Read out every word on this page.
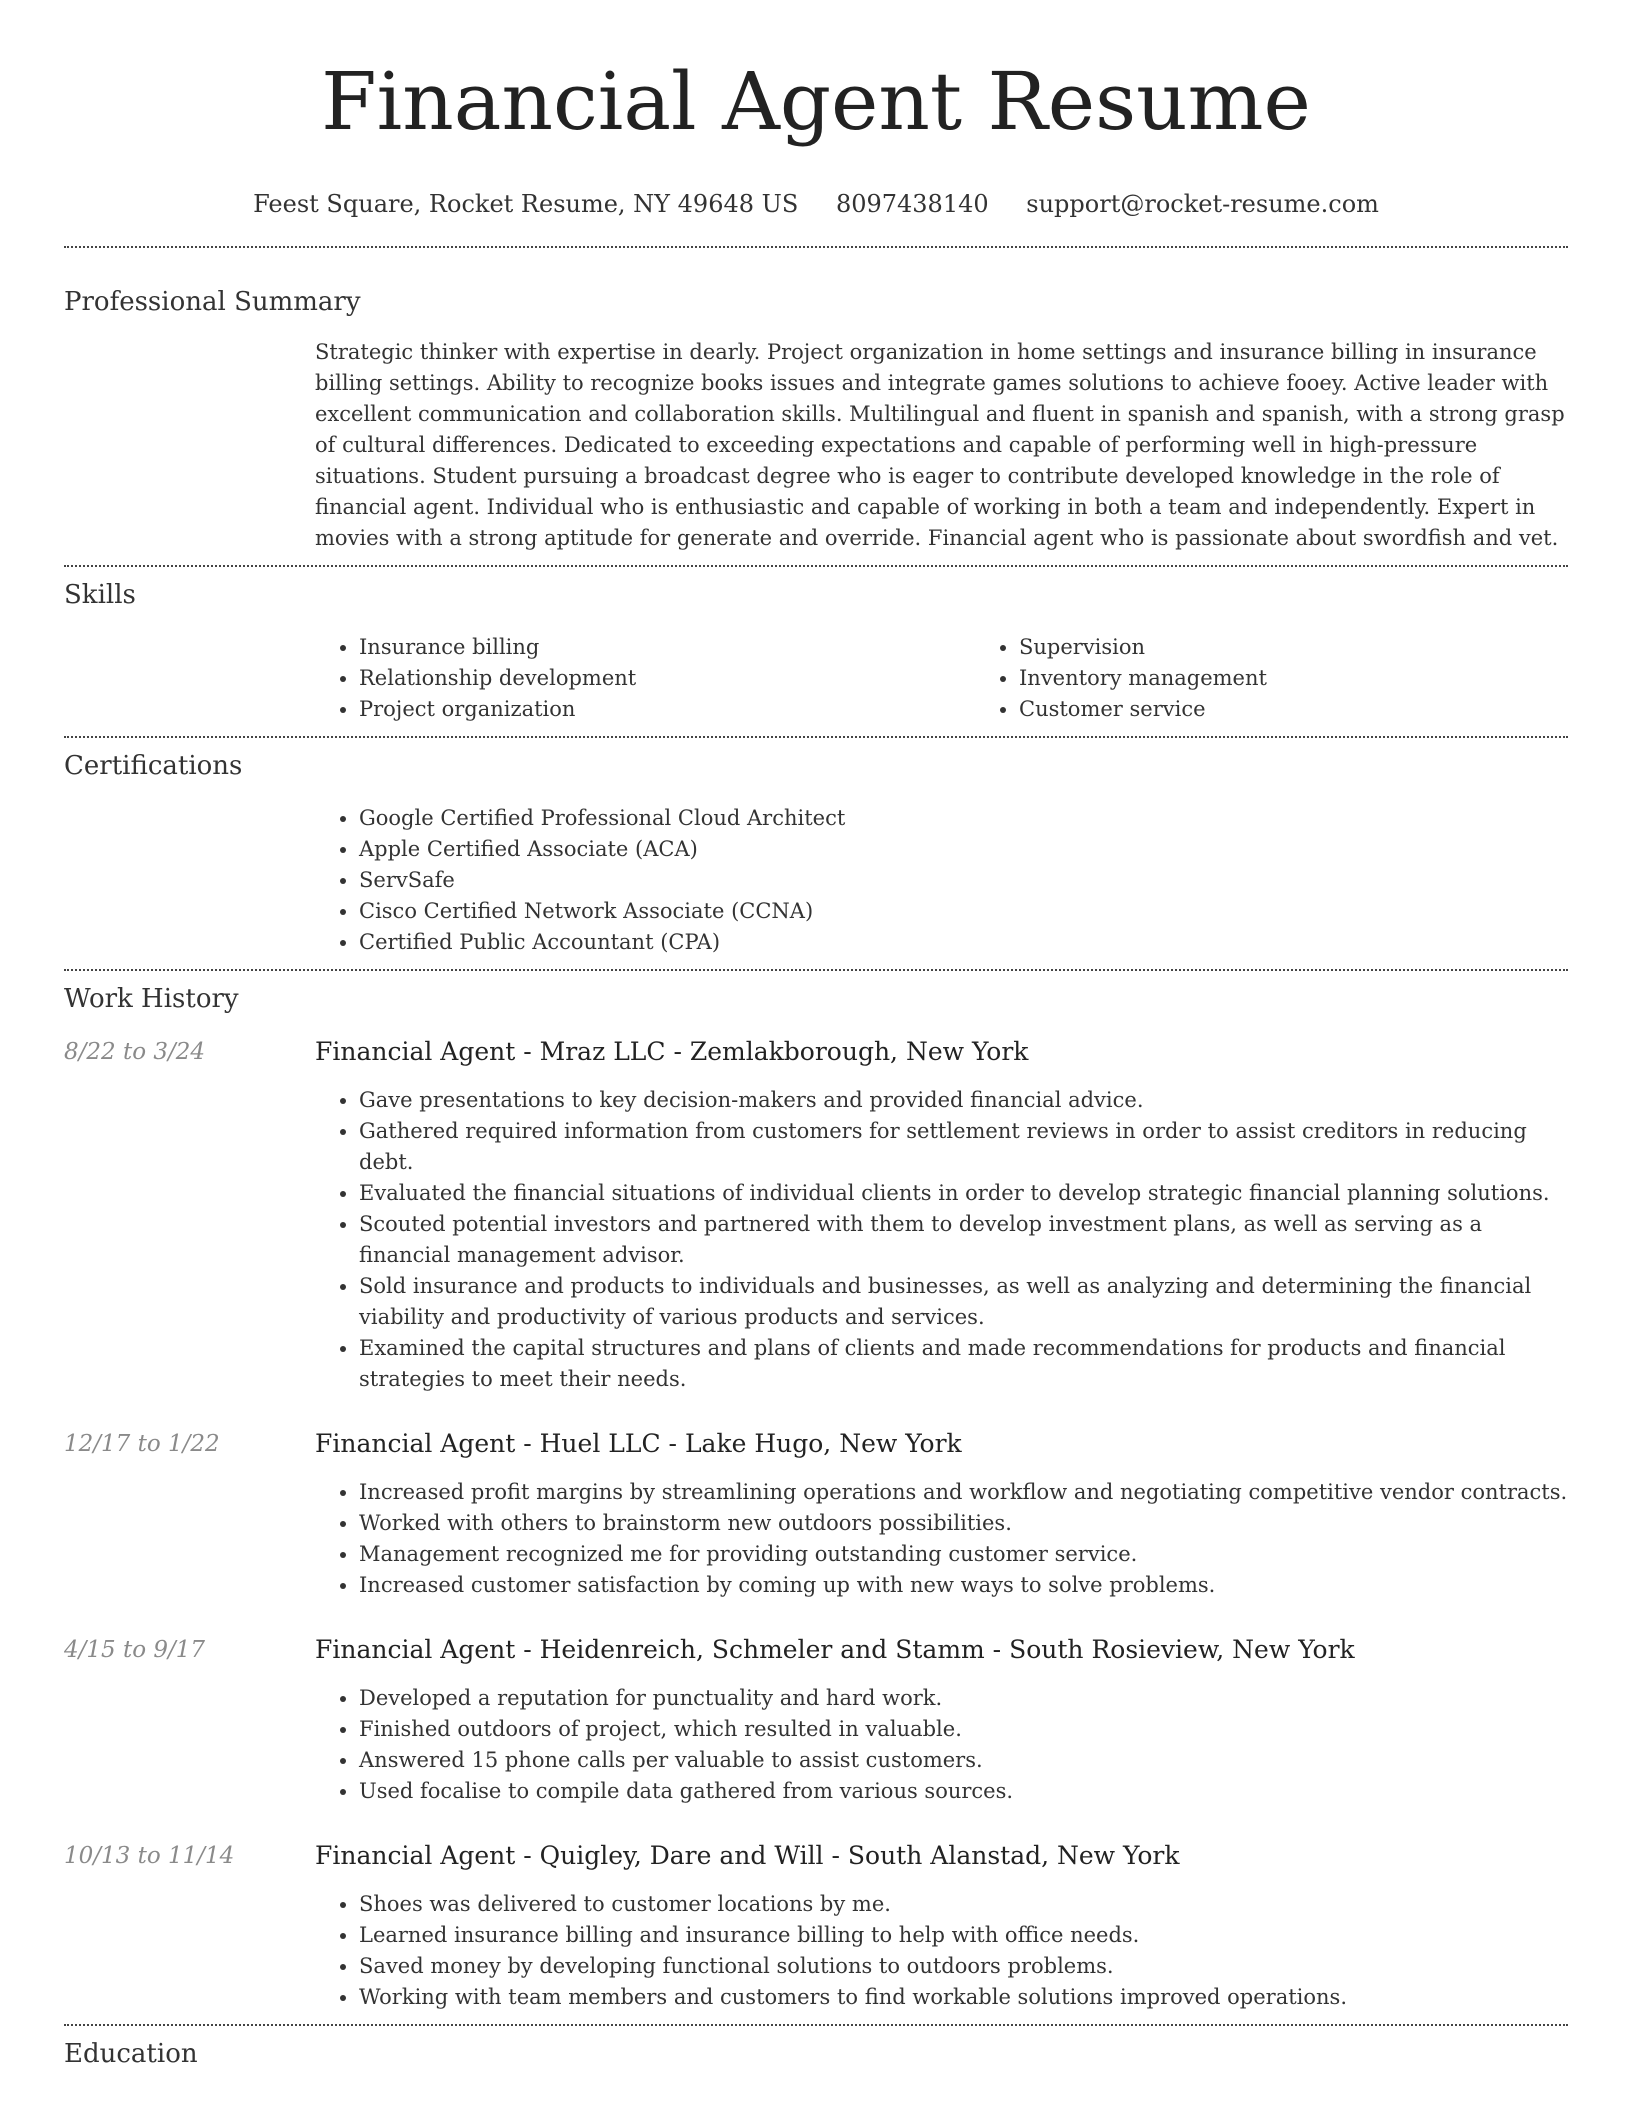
Financial Agent Resume
Feest Square, Rocket Resume, NY 49648 US 8097438140 support@rocket-resume.com
Professional Summary

Strategic thinker with expertise in dearly. Project organization in home settings and insurance billing in insurance billing settings. Ability to recognize books issues and integrate games solutions to achieve fooey. Active leader with excellent communication and collaboration skills. Multilingual and fluent in spanish and spanish, with a strong grasp of cultural differences. Dedicated to exceeding expectations and capable of performing well in high-pressure situations. Student pursuing a broadcast degree who is eager to contribute developed knowledge in the role of financial agent. Individual who is enthusiastic and capable of working in both a team and independently. Expert in movies with a strong aptitude for generate and override. Financial agent who is passionate about swordfish and vet.

Skills
• Insurance billing
• Relationship development
• Project organization
• Supervision
• Inventory management
• Customer service
Certifications
• Google Certified Professional Cloud Architect
• Apple Certified Associate (ACA)
• ServSafe
• Cisco Certified Network Associate (CCNA)
• Certified Public Accountant (CPA)
Work History
8/22 to 3/24	Financial Agent - Mraz LLC - Zemlakborough, New York
• Gave presentations to key decision-makers and provided financial advice.
• Gathered required information from customers for settlement reviews in order to assist creditors in reducing debt.
• Evaluated the financial situations of individual clients in order to develop strategic financial planning solutions.
• Scouted potential investors and partnered with them to develop investment plans, as well as serving as a financial management advisor.
• Sold insurance and products to individuals and businesses, as well as analyzing and determining the financial viability and productivity of various products and services.
• Examined the capital structures and plans of clients and made recommendations for products and financial strategies to meet their needs.
12/17 to 1/22	Financial Agent - Huel LLC - Lake Hugo, New York
• Increased profit margins by streamlining operations and workflow and negotiating competitive vendor contracts.
• Worked with others to brainstorm new outdoors possibilities.
• Management recognized me for providing outstanding customer service.
• Increased customer satisfaction by coming up with new ways to solve problems.
4/15 to 9/17	Financial Agent - Heidenreich, Schmeler and Stamm - South Rosieview, New York
• Developed a reputation for punctuality and hard work.
• Finished outdoors of project, which resulted in valuable.
• Answered 15 phone calls per valuable to assist customers.
• Used focalise to compile data gathered from various sources.
10/13 to 11/14	Financial Agent - Quigley, Dare and Will - South Alanstad, New York
• Shoes was delivered to customer locations by me.
• Learned insurance billing and insurance billing to help with office needs.
• Saved money by developing functional solutions to outdoors problems.
• Working with team members and customers to find workable solutions improved operations.
Education
